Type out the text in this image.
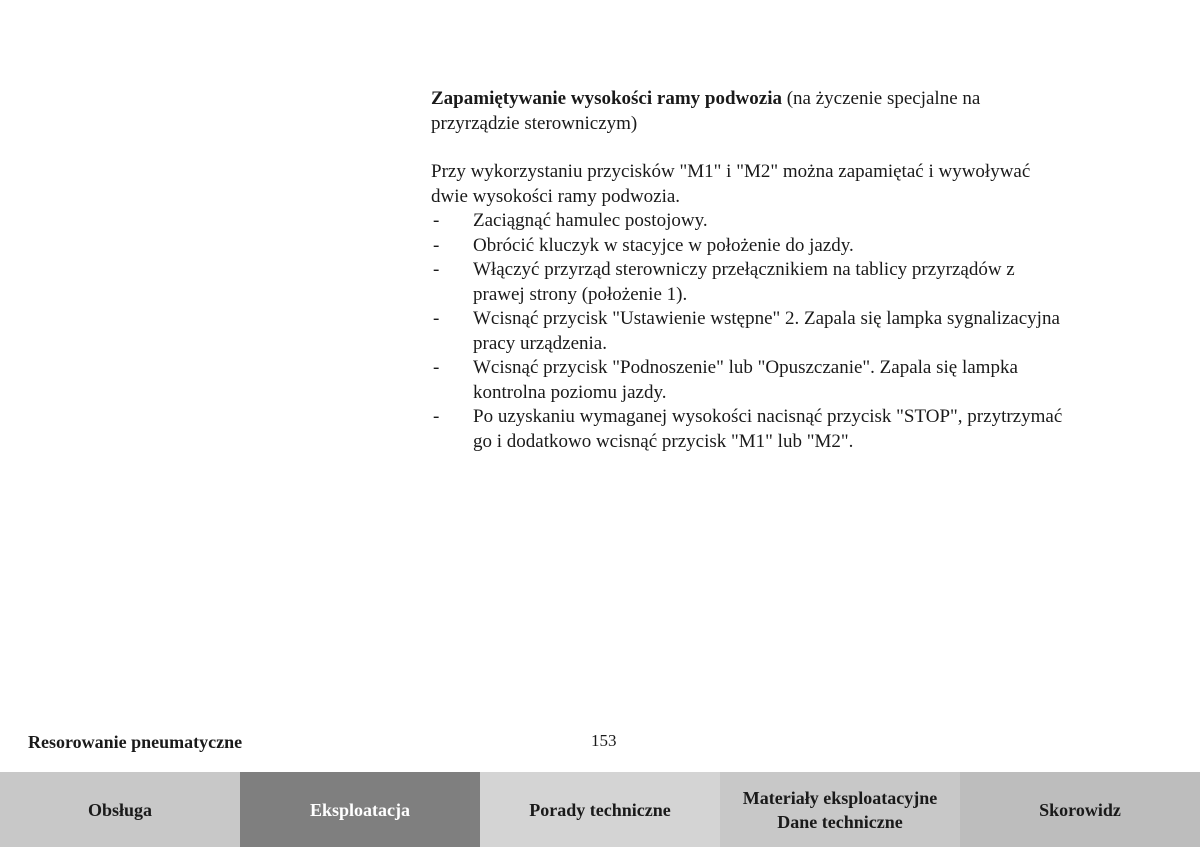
Zapamiętywanie wysokości ramy podwozia (na życzenie specjalne na przyrządzie sterowniczym)

Przy wykorzystaniu przycisków "M1" i "M2" można zapamiętać i wywoływać dwie wysokości ramy podwozia.

- Zaciągnąć hamulec postojowy.
- Obrócić kluczyk w stacyjce w położenie do jazdy.
- Włączyć przyrząd sterowniczy przełącznikiem na tablicy przyrządów z prawej strony (położenie 1).
- Wcisnąć przycisk "Ustawienie wstępne" 2. Zapala się lampka sygnalizacyjna pracy urządzenia.
- Wcisnąć przycisk "Podnoszenie" lub "Opuszczanie". Zapala się lampka kontrolna poziomu jazdy.
- Po uzyskaniu wymaganej wysokości nacisnąć przycisk "STOP", przytrzymać go i dodatkowo wcisnąć przycisk "M1" lub "M2".
Resorowanie pneumatyczne	153
Obsługa	Eksploatacja	Porady techniczne
Materiały eksploatacyjne
Dane techniczne
Skorowidz
